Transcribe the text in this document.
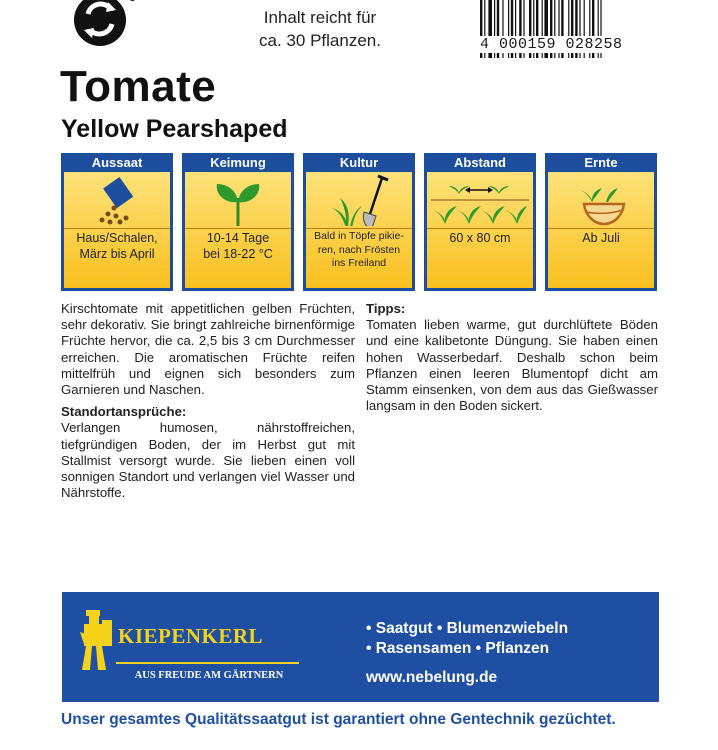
Inhalt reicht für
ca. 30 Pflanzen.	4 000159 028258
Tomate
Yellow Pearshaped
Aussaat
Haus/Schalen,
März bis April
Keimung
10-14 Tage
bei 18-22 °C
Kultur
Bald in Töpfe pikie-
ren, nach Frösten
ins Freiland
Abstand
60 x 80 cm
Ernte
Ab Juli

Kirschtomate mit appetitlichen gelben Früchten, sehr dekorativ. Sie bringt zahlreiche birnenförmige Früchte hervor, die ca. 2,5 bis 3 cm Durchmesser erreichen. Die aromatischen Früchte reifen mittelfrüh und eignen sich besonders zum Garnieren und Naschen.

Standortansprüche:

Verlangen humosen, nährstoffreichen, tiefgründigen Boden, der im Herbst gut mit Stallmist versorgt wurde. Sie lieben einen voll sonnigen Standort und verlangen viel Wasser und Nährstoffe.

Tipps:

Tomaten lieben warme, gut durchlüftete Böden und eine kalibetonte Düngung. Sie haben einen hohen Wasserbedarf. Deshalb schon beim Pflanzen einen leeren Blumentopf dicht am Stamm einsenken, von dem aus das Gießwasser langsam in den Boden sickert.

KIEPENKERL
AUS FREUDE AM GÄRTNERN
• Saatgut • Blumenzwiebeln
• Rasensamen • Pflanzen
www.nebelung.de
Unser gesamtes Qualitätssaatgut ist garantiert ohne Gentechnik gezüchtet.
